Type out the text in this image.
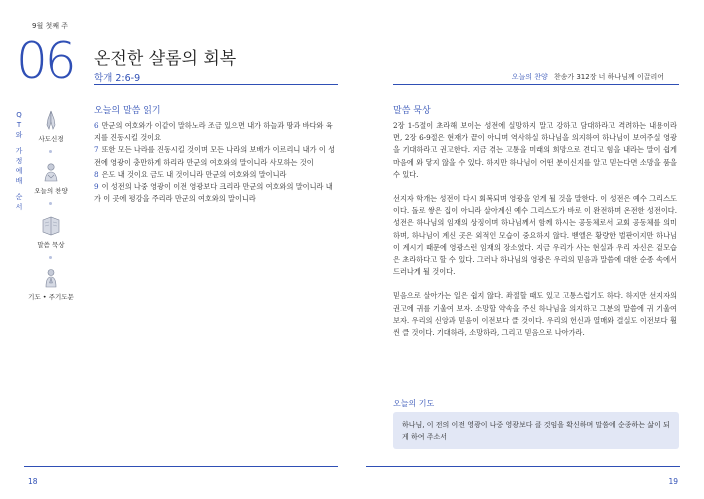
9월 첫째 주
06 온전한 샬롬의 회복
학개 2:6-9	오늘의 찬양 찬송가 312장 너 하나님께 이끌리어
Q
T
와
가
정
예
배
순
서
사도신경
오늘의 찬양
말씀 묵상
기도 • 주기도문
오늘의 말씀 읽기
6 만군의 여호와가 이같이 말하노라 조금 있으면 내가 하늘과 땅과 바다와 육지를 진동시킬 것이요
7 또한 모든 나라를 진동시킬 것이며 모든 나라의 보배가 이르리니 내가 이 성전에 영광이 충만하게 하리라 만군의 여호와의 말이니라 사모하는 것이
8 은도 내 것이요 금도 내 것이니라 만군의 여호와의 말이니라
9 이 성전의 나중 영광이 이전 영광보다 크리라 만군의 여호와의 말이니라 내가 이 곳에 평강을 주리라 만군의 여호와의 말이니라
말씀 묵상

2장 1-5절이 초라해 보이는 성전에 실망하지 말고 강하고 담대하라고 격려하는 내용이라면, 2장 6-9절은 현재가 끝이 아니며 역사하실 하나님을 의지하여 하나님이 보여주실 영광을 기대하라고 권고한다. 지금 겪는 고통을 미래의 희망으로 견디고 힘을 내라는 말이 쉽게 마음에 와 닿지 않을 수 있다. 하지만 하나님이 어떤 분이신지를 알고 믿는다면 소망을 품을 수 있다.

선지자 학개는 성전이 다시 회복되며 영광을 얻게 될 것을 말한다. 이 성전은 예수 그리스도이다. 돌로 쌓은 집이 아니라 살아계신 예수 그리스도가 바로 이 완전하며 온전한 성전이다. 성전은 하나님의 임재의 상징이며 하나님께서 함께 하시는 공동체로서 교회 공동체를 의미하며, 하나님이 계신 곳은 외적인 모습이 중요하지 않다. 벧엘은 황량한 벌판이지만 하나님이 계시기 때문에 영광스런 임재의 장소였다. 지금 우리가 사는 현실과 우리 자신은 겉모습은 초라하다고 할 수 있다. 그러나 하나님의 영광은 우리의 믿음과 말씀에 대한 순종 속에서 드러나게 될 것이다.

믿음으로 살아가는 일은 쉽지 않다. 좌절할 때도 있고 고통스럽기도 하다. 하지만 선지자의 권고에 귀를 기울여 보자. 소망할 약속을 주신 하나님을 의지하고 그분의 말씀에 귀 기울여 보자. 우리의 신앙과 믿음이 이전보다 클 것이다. 우리의 헌신과 열매와 결실도 이전보다 훨씬 클 것이다. 기대하라, 소망하라, 그리고 믿음으로 나아가라.

오늘의 기도
하나님, 이 전의 이전 영광이 나중 영광보다 클 것임을 확신하며 말씀에 순종하는 삶이 되게 하여 주소서
18	19
